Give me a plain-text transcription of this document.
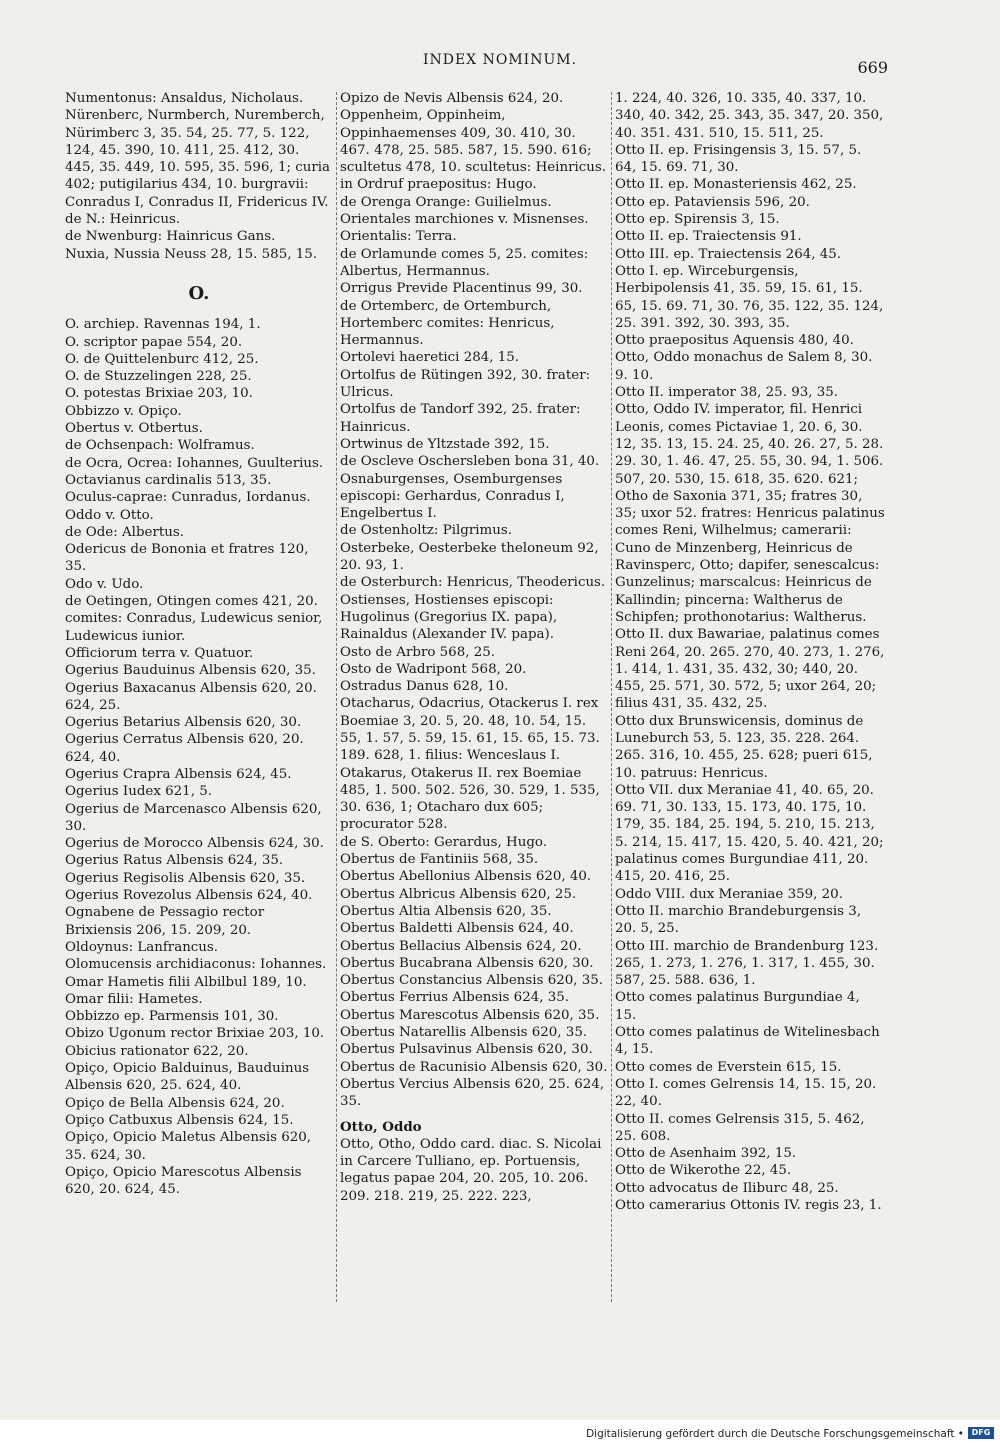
INDEX NOMINUM.	669
Numentonus: Ansaldus, Nicholaus.
Nürenberc, Nurmberch, Nuremberch, Nürimberc 3, 35. 54, 25. 77, 5. 122, 124, 45. 390, 10. 411, 25. 412, 30. 445, 35. 449, 10. 595, 35. 596, 1; curia 402; putigilarius 434, 10. burgravii: Conradus I, Conradus II, Fridericus IV. de N.: Heinricus.
de Nwenburg: Hainricus Gans.
Nuxia, Nussia Neuss 28, 15. 585, 15.
O.
O. archiep. Ravennas 194, 1.
O. scriptor papae 554, 20.
O. de Quittelenburc 412, 25.
O. de Stuzzelingen 228, 25.
O. potestas Brixiae 203, 10.
Obbizzo v. Opiço.
Obertus v. Otbertus.
de Ochsenpach: Wolframus.
de Ocra, Ocrea: Iohannes, Guulterius.
Octavianus cardinalis 513, 35.
Oculus-caprae: Cunradus, Iordanus.
Oddo v. Otto.
de Ode: Albertus.
Odericus de Bononia et fratres 120, 35.
Odo v. Udo.
de Oetingen, Otingen comes 421, 20. comites: Conradus, Ludewicus senior, Ludewicus iunior.
Officiorum terra v. Quatuor.
Ogerius Bauduinus Albensis 620, 35.
Ogerius Baxacanus Albensis 620, 20. 624, 25.
Ogerius Betarius Albensis 620, 30.
Ogerius Cerratus Albensis 620, 20. 624, 40.
Ogerius Crapra Albensis 624, 45.
Ogerius Iudex 621, 5.
Ogerius de Marcenasco Albensis 620, 30.
Ogerius de Morocco Albensis 624, 30.
Ogerius Ratus Albensis 624, 35.
Ogerius Regisolis Albensis 620, 35.
Ogerius Rovezolus Albensis 624, 40.
Ognabene de Pessagio rector Brixiensis 206, 15. 209, 20.
Oldoynus: Lanfrancus.
Olomucensis archidiaconus: Iohannes.
Omar Hametis filii Albilbul 189, 10.
Omar filii: Hametes.
Obbizzo ep. Parmensis 101, 30.
Obizo Ugonum rector Brixiae 203, 10.
Obicius rationator 622, 20.
Opiço, Opicio Balduinus, Bauduinus Albensis 620, 25. 624, 40.
Opiço de Bella Albensis 624, 20.
Opiço Catbuxus Albensis 624, 15.
Opiço, Opicio Maletus Albensis 620, 35. 624, 30.
Opiço, Opicio Marescotus Albensis 620, 20. 624, 45.
Opizo de Nevis Albensis 624, 20.
Oppenheim, Oppinheim, Oppinhaemenses 409, 30. 410, 30. 467. 478, 25. 585. 587, 15. 590. 616; scultetus 478, 10. scultetus: Heinricus.
in Ordruf praepositus: Hugo.
de Orenga Orange: Guilielmus.
Orientales marchiones v. Misnenses.
Orientalis: Terra.
de Orlamunde comes 5, 25. comites: Albertus, Hermannus.
Orrigus Previde Placentinus 99, 30.
de Ortemberc, de Ortemburch, Hortemberc comites: Henricus, Hermannus.
Ortolevi haeretici 284, 15.
Ortolfus de Rütingen 392, 30. frater: Ulricus.
Ortolfus de Tandorf 392, 25. frater: Hainricus.
Ortwinus de Yltzstade 392, 15.
de Oscleve Oschersleben bona 31, 40.
Osnaburgenses, Osemburgenses episcopi: Gerhardus, Conradus I, Engelbertus I.
de Ostenholtz: Pilgrimus.
Osterbeke, Oesterbeke theloneum 92, 20. 93, 1.
de Osterburch: Henricus, Theodericus.
Ostienses, Hostienses episcopi: Hugolinus (Gregorius IX. papa), Rainaldus (Alexander IV. papa).
Osto de Arbro 568, 25.
Osto de Wadripont 568, 20.
Ostradus Danus 628, 10.
Otacharus, Odacrius, Otackerus I. rex Boemiae 3, 20. 5, 20. 48, 10. 54, 15. 55, 1. 57, 5. 59, 15. 61, 15. 65, 15. 73. 189. 628, 1. filius: Wenceslaus I.
Otakarus, Otakerus II. rex Boemiae 485, 1. 500. 502. 526, 30. 529, 1. 535, 30. 636, 1; Otacharo dux 605; procurator 528.
de S. Oberto: Gerardus, Hugo.
Obertus de Fantiniis 568, 35.
Obertus Abellonius Albensis 620, 40.
Obertus Albricus Albensis 620, 25.
Obertus Altia Albensis 620, 35.
Obertus Baldetti Albensis 624, 40.
Obertus Bellacius Albensis 624, 20.
Obertus Bucabrana Albensis 620, 30.
Obertus Constancius Albensis 620, 35.
Obertus Ferrius Albensis 624, 35.
Obertus Marescotus Albensis 620, 35.
Obertus Natarellis Albensis 620, 35.
Obertus Pulsavinus Albensis 620, 30.
Obertus de Racunisio Albensis 620, 30.
Obertus Vercius Albensis 620, 25. 624, 35.
Otto, Oddo
Otto, Otho, Oddo card. diac. S. Nicolai in Carcere Tulliano, ep. Portuensis, legatus papae 204, 20. 205, 10. 206. 209. 218. 219, 25. 222. 223,
1. 224, 40. 326, 10. 335, 40. 337, 10. 340, 40. 342, 25. 343, 35. 347, 20. 350, 40. 351. 431. 510, 15. 511, 25.
Otto II. ep. Frisingensis 3, 15. 57, 5. 64, 15. 69. 71, 30.
Otto II. ep. Monasteriensis 462, 25.
Otto ep. Pataviensis 596, 20.
Otto ep. Spirensis 3, 15.
Otto II. ep. Traiectensis 91.
Otto III. ep. Traiectensis 264, 45.
Otto I. ep. Wirceburgensis, Herbipolensis 41, 35. 59, 15. 61, 15. 65, 15. 69. 71, 30. 76, 35. 122, 35. 124, 25. 391. 392, 30. 393, 35.
Otto praepositus Aquensis 480, 40.
Otto, Oddo monachus de Salem 8, 30. 9. 10.
Otto II. imperator 38, 25. 93, 35.
Otto, Oddo IV. imperator, fil. Henrici Leonis, comes Pictaviae 1, 20. 6, 30. 12, 35. 13, 15. 24. 25, 40. 26. 27, 5. 28. 29. 30, 1. 46. 47, 25. 55, 30. 94, 1. 506. 507, 20. 530, 15. 618, 35. 620. 621; Otho de Saxonia 371, 35; fratres 30, 35; uxor 52. fratres: Henricus palatinus comes Reni, Wilhelmus; camerarii: Cuno de Minzenberg, Heinricus de Ravinsperc, Otto; dapifer, senescalcus: Gunzelinus; marscalcus: Heinricus de Kallindin; pincerna: Waltherus de Schipfen; prothonotarius: Waltherus.
Otto II. dux Bawariae, palatinus comes Reni 264, 20. 265. 270, 40. 273, 1. 276, 1. 414, 1. 431, 35. 432, 30; 440, 20. 455, 25. 571, 30. 572, 5; uxor 264, 20; filius 431, 35. 432, 25.
Otto dux Brunswicensis, dominus de Luneburch 53, 5. 123, 35. 228. 264. 265. 316, 10. 455, 25. 628; pueri 615, 10. patruus: Henricus.
Otto VII. dux Meraniae 41, 40. 65, 20. 69. 71, 30. 133, 15. 173, 40. 175, 10. 179, 35. 184, 25. 194, 5. 210, 15. 213, 5. 214, 15. 417, 15. 420, 5. 40. 421, 20; palatinus comes Burgundiae 411, 20. 415, 20. 416, 25.
Oddo VIII. dux Meraniae 359, 20.
Otto II. marchio Brandeburgensis 3, 20. 5, 25.
Otto III. marchio de Brandenburg 123. 265, 1. 273, 1. 276, 1. 317, 1. 455, 30. 587, 25. 588. 636, 1.
Otto comes palatinus Burgundiae 4, 15.
Otto comes palatinus de Witelinesbach 4, 15.
Otto comes de Everstein 615, 15.
Otto I. comes Gelrensis 14, 15. 15, 20. 22, 40.
Otto II. comes Gelrensis 315, 5. 462, 25. 608.
Otto de Asenhaim 392, 15.
Otto de Wikerothe 22, 45.
Otto advocatus de Iliburc 48, 25.
Otto camerarius Ottonis IV. regis 23, 1.
Digitalisierung gefördert durch die Deutsche Forschungsgemeinschaft • DFG
